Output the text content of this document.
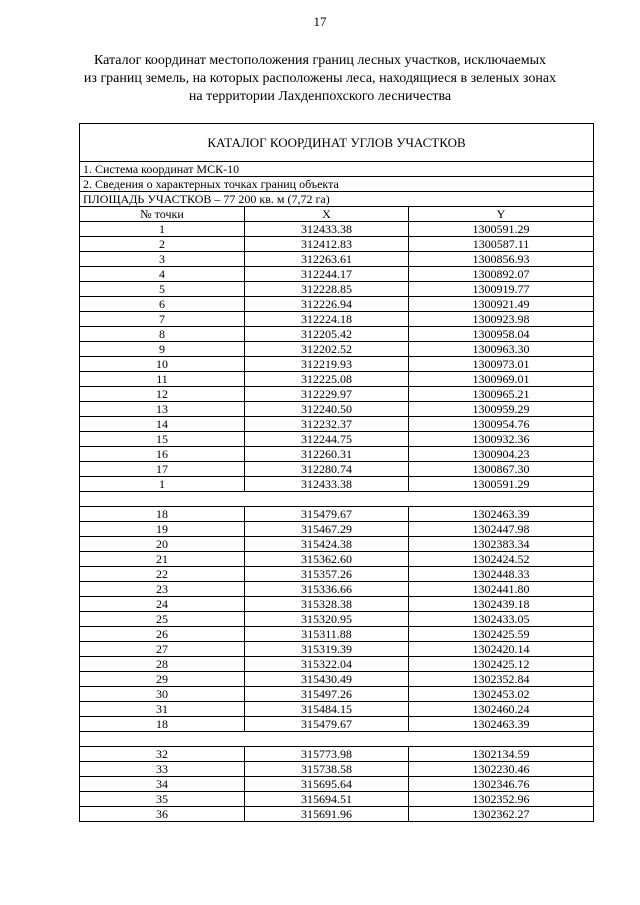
17
Каталог координат местоположения границ лесных участков, исключаемых
из границ земель, на которых расположены леса, находящиеся в зеленых зонах
на территории Лахденпохского лесничества
КАТАЛОГ КООРДИНАТ УГЛОВ УЧАСТКОВ		
1. Система координат МСК-10		
2. Сведения о характерных точках границ объекта		
ПЛОЩАДЬ УЧАСТКОВ – 77 200 кв. м (7,72 га)		
№ точки	X	Y
1	312433.38	1300591.29
2	312412.83	1300587.11
3	312263.61	1300856.93
4	312244.17	1300892.07
5	312228.85	1300919.77
6	312226.94	1300921.49
7	312224.18	1300923.98
8	312205.42	1300958.04
9	312202.52	1300963.30
10	312219.93	1300973.01
11	312225.08	1300969.01
12	312229.97	1300965.21
13	312240.50	1300959.29
14	312232.37	1300954.76
15	312244.75	1300932.36
16	312260.31	1300904.23
17	312280.74	1300867.30
1	312433.38	1300591.29

18	315479.67	1302463.39
19	315467.29	1302447.98
20	315424.38	1302383.34
21	315362.60	1302424.52
22	315357.26	1302448.33
23	315336.66	1302441.80
24	315328.38	1302439.18
25	315320.95	1302433.05
26	315311.88	1302425.59
27	315319.39	1302420.14
28	315322.04	1302425.12
29	315430.49	1302352.84
30	315497.26	1302453.02
31	315484.15	1302460.24
18	315479.67	1302463.39

32	315773.98	1302134.59
33	315738.58	1302230.46
34	315695.64	1302346.76
35	315694.51	1302352.96
36	315691.96	1302362.27
